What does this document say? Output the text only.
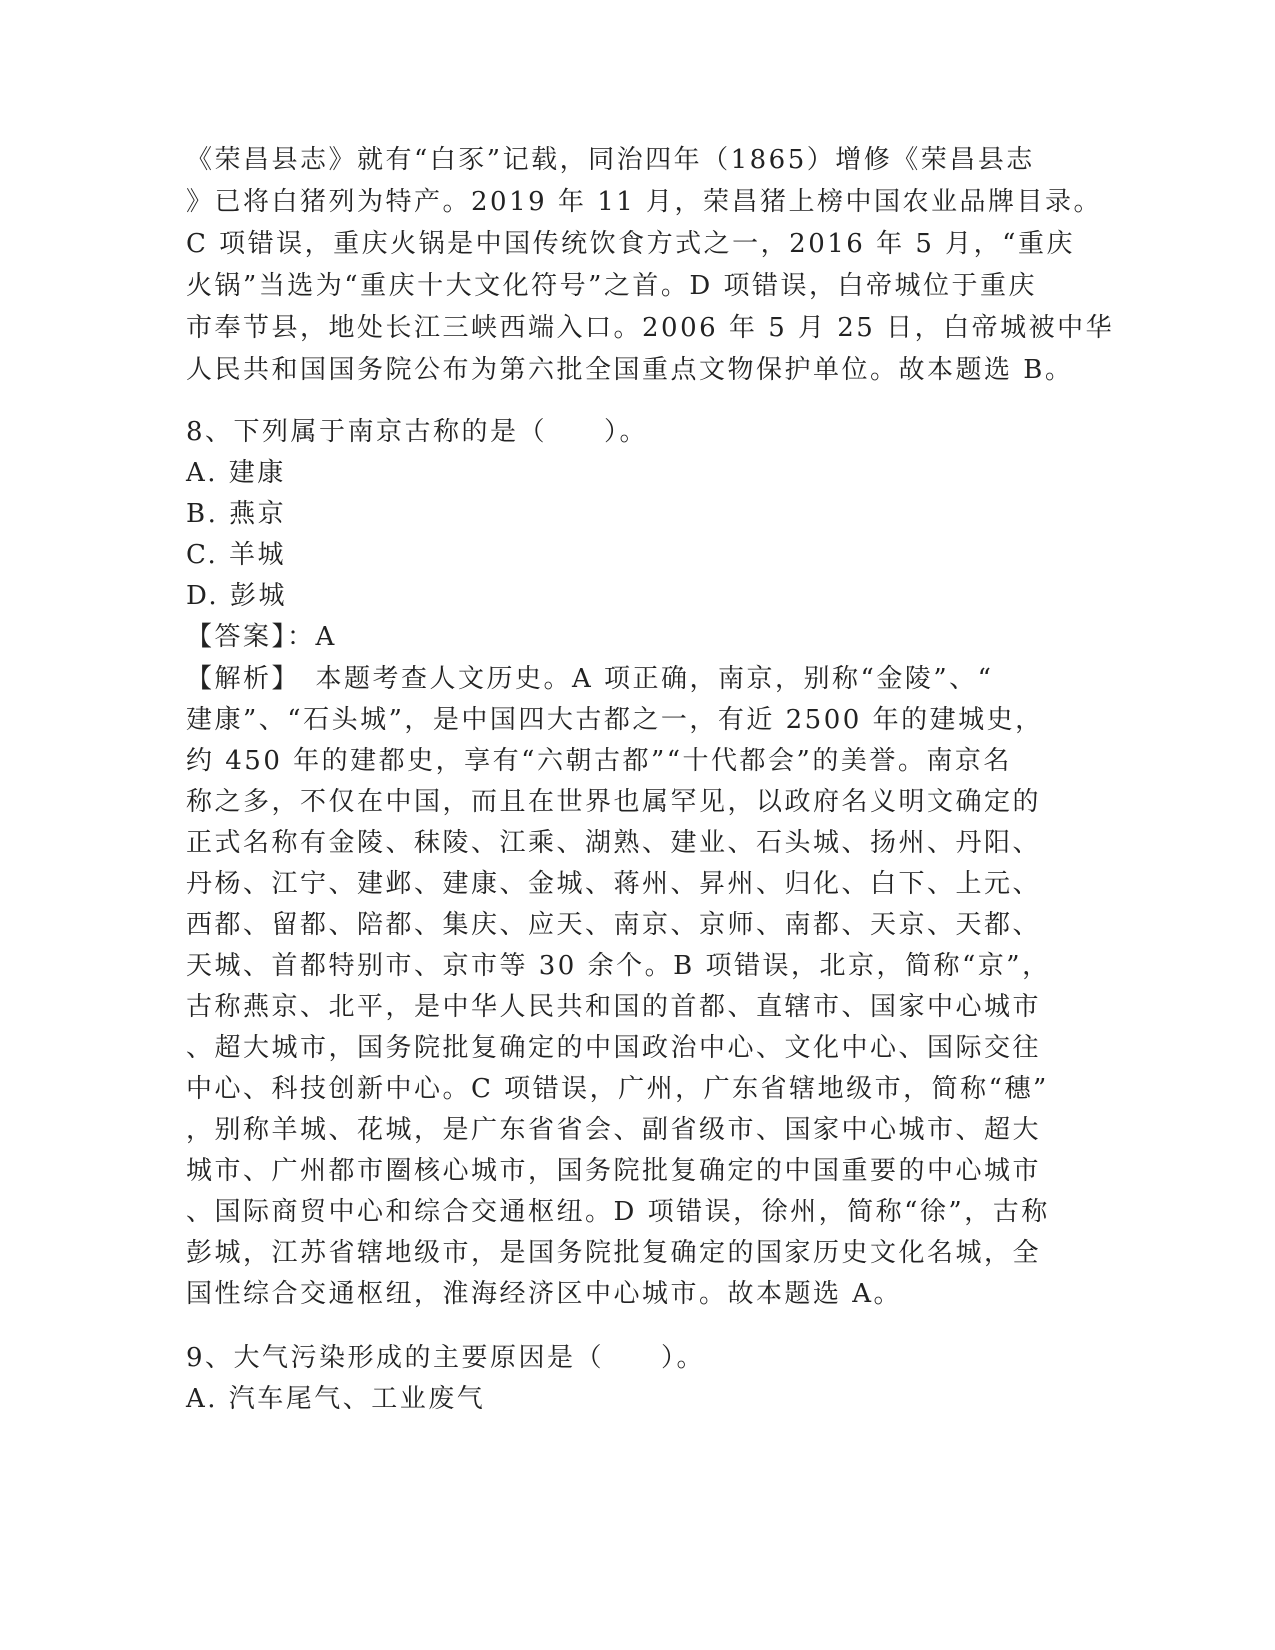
《荣昌县志》就有“白豕”记载，同治四年（1865）增修《荣昌县志
》已将白猪列为特产。2019 年 11 月，荣昌猪上榜中国农业品牌目录。
C 项错误，重庆火锅是中国传统饮食方式之一，2016 年 5 月，“重庆
火锅”当选为“重庆十大文化符号”之首。D 项错误，白帝城位于重庆
市奉节县，地处长江三峡西端入口。2006 年 5 月 25 日，白帝城被中华
人民共和国国务院公布为第六批全国重点文物保护单位。故本题选 B。
8、下列属于南京古称的是（　　）。
A. 建康
B. 燕京
C. 羊城
D. 彭城
【答案】：A
【解析】　本题考查人文历史。A 项正确，南京，别称“金陵”、“
建康”、“石头城”，是中国四大古都之一，有近 2500 年的建城史，
约 450 年的建都史，享有“六朝古都”“十代都会”的美誉。南京名
称之多，不仅在中国，而且在世界也属罕见，以政府名义明文确定的
正式名称有金陵、秣陵、江乘、湖熟、建业、石头城、扬州、丹阳、
丹杨、江宁、建邺、建康、金城、蒋州、昇州、归化、白下、上元、
西都、留都、陪都、集庆、应天、南京、京师、南都、天京、天都、
天城、首都特别市、京市等 30 余个。B 项错误，北京，简称“京”，
古称燕京、北平，是中华人民共和国的首都、直辖市、国家中心城市
、超大城市，国务院批复确定的中国政治中心、文化中心、国际交往
中心、科技创新中心。C 项错误，广州，广东省辖地级市，简称“穗”
，别称羊城、花城，是广东省省会、副省级市、国家中心城市、超大
城市、广州都市圈核心城市，国务院批复确定的中国重要的中心城市
、国际商贸中心和综合交通枢纽。D 项错误，徐州，简称“徐”，古称
彭城，江苏省辖地级市，是国务院批复确定的国家历史文化名城，全
国性综合交通枢纽，淮海经济区中心城市。故本题选 A。
9、大气污染形成的主要原因是（　　）。
A. 汽车尾气、工业废气
